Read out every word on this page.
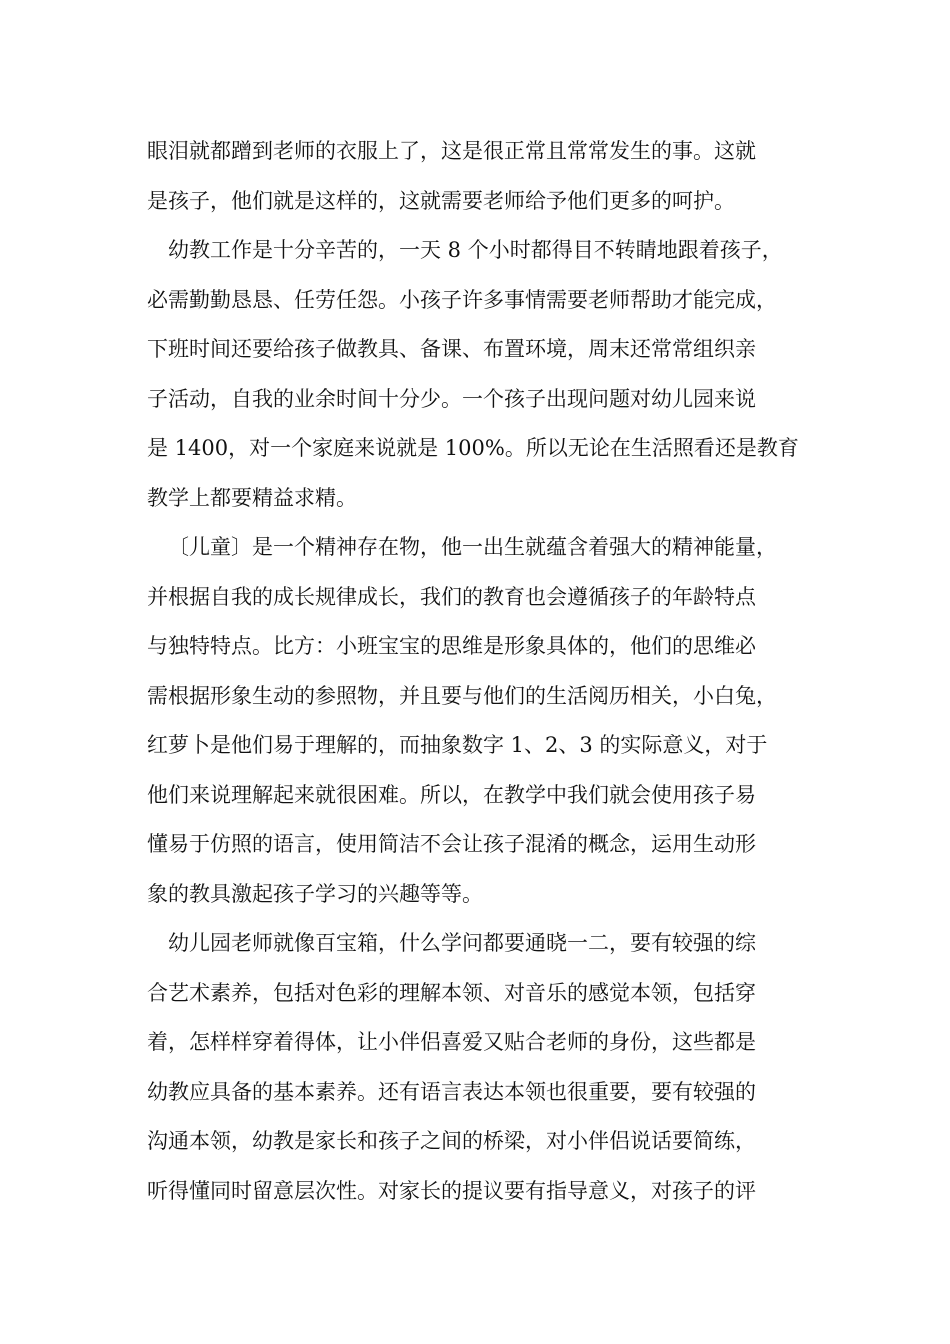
眼泪就都蹭到老师的衣服上了，这是很正常且常常发生的事。这就
是孩子，他们就是这样的，这就需要老师给予他们更多的呵护。
幼教工作是十分辛苦的，一天 8 个小时都得目不转睛地跟着孩子，
必需勤勤恳恳、任劳任怨。小孩子许多事情需要老师帮助才能完成，
下班时间还要给孩子做教具、备课、布置环境，周末还常常组织亲
子活动，自我的业余时间十分少。一个孩子出现问题对幼儿园来说
是 1400，对一个家庭来说就是 100%。所以无论在生活照看还是教育
教学上都要精益求精。
〔儿童〕是一个精神存在物，他一出生就蕴含着强大的精神能量，
并根据自我的成长规律成长，我们的教育也会遵循孩子的年龄特点
与独特特点。比方：小班宝宝的思维是形象具体的，他们的思维必
需根据形象生动的参照物，并且要与他们的生活阅历相关，小白兔，
红萝卜是他们易于理解的，而抽象数字 1、2、3 的实际意义，对于
他们来说理解起来就很困难。所以，在教学中我们就会使用孩子易
懂易于仿照的语言，使用简洁不会让孩子混淆的概念，运用生动形
象的教具激起孩子学习的兴趣等等。
幼儿园老师就像百宝箱，什么学问都要通晓一二，要有较强的综
合艺术素养，包括对色彩的理解本领、对音乐的感觉本领，包括穿
着，怎样样穿着得体，让小伴侣喜爱又贴合老师的身份，这些都是
幼教应具备的基本素养。还有语言表达本领也很重要，要有较强的
沟通本领，幼教是家长和孩子之间的桥梁，对小伴侣说话要简练，
听得懂同时留意层次性。对家长的提议要有指导意义，对孩子的评
